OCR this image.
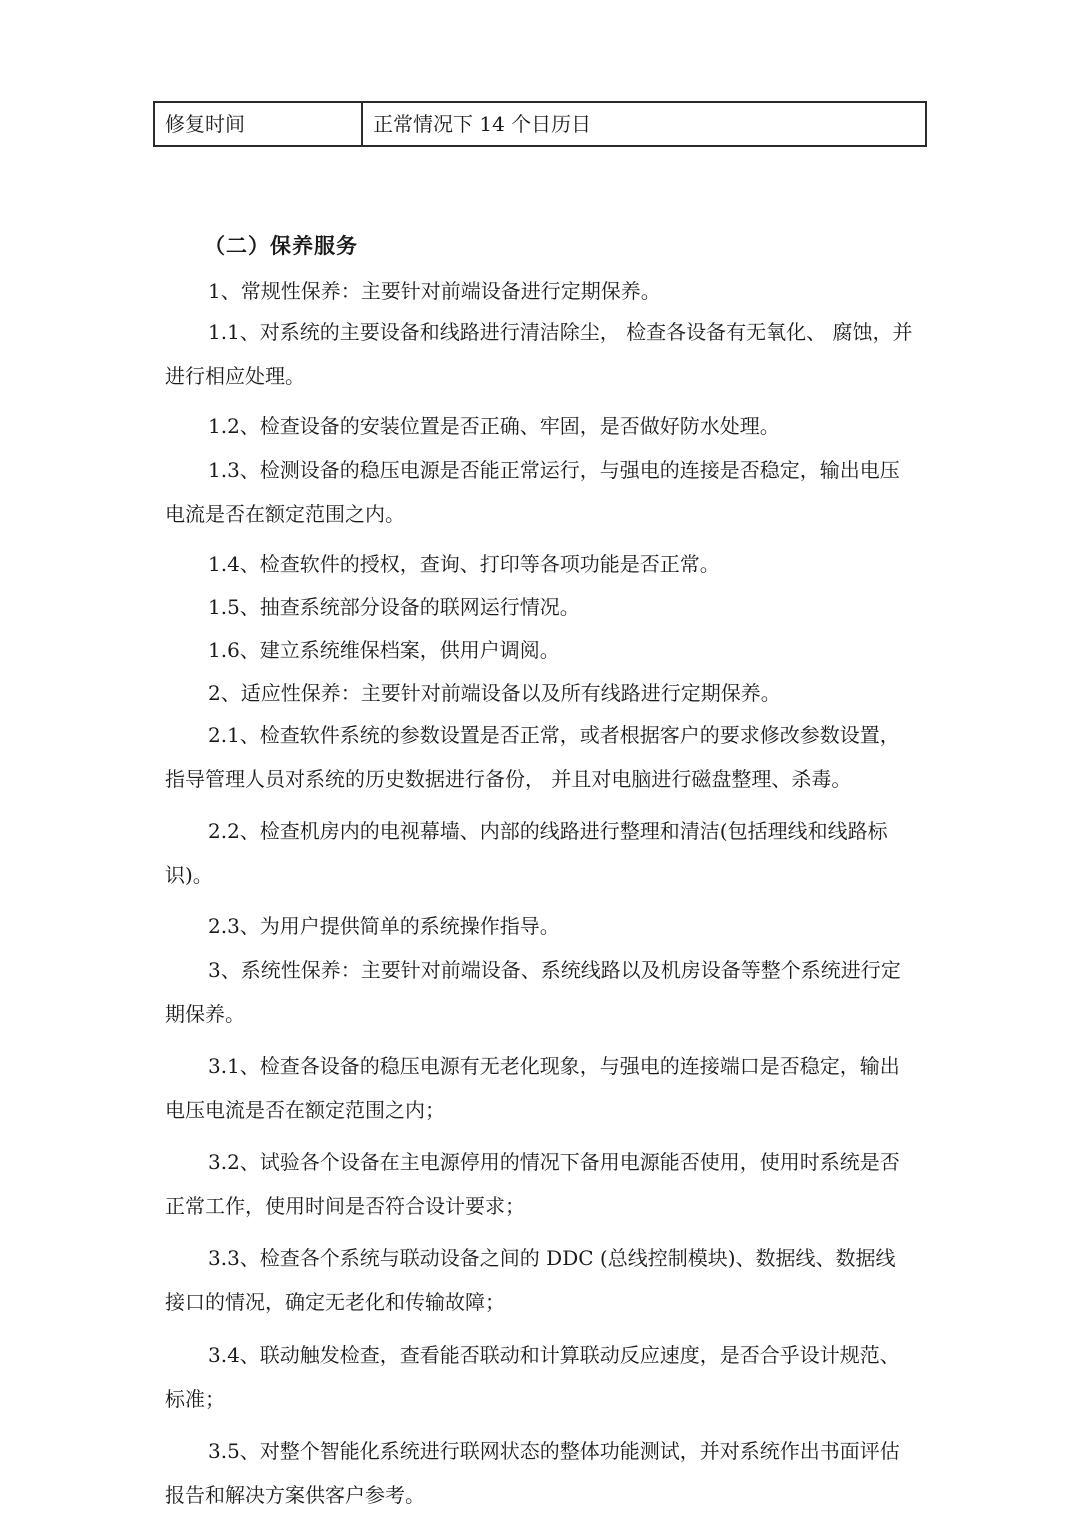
修复时间	正常情况下 14 个日历日
（二）保养服务
1、常规性保养：主要针对前端设备进行定期保养。
1.1、对系统的主要设备和线路进行清洁除尘， 检查各设备有无氧化、 腐蚀，并进行相应处理。
1.2、检查设备的安装位置是否正确、牢固，是否做好防水处理。
1.3、检测设备的稳压电源是否能正常运行，与强电的连接是否稳定，输出电压电流是否在额定范围之内。
1.4、检查软件的授权，查询、打印等各项功能是否正常。
1.5、抽查系统部分设备的联网运行情况。
1.6、建立系统维保档案，供用户调阅。
2、适应性保养：主要针对前端设备以及所有线路进行定期保养。
2.1、检查软件系统的参数设置是否正常，或者根据客户的要求修改参数设置，指导管理人员对系统的历史数据进行备份， 并且对电脑进行磁盘整理、杀毒。
2.2、检查机房内的电视幕墙、内部的线路进行整理和清洁(包括理线和线路标识)。
2.3、为用户提供简单的系统操作指导。
3、系统性保养：主要针对前端设备、系统线路以及机房设备等整个系统进行定期保养。
3.1、检查各设备的稳压电源有无老化现象，与强电的连接端口是否稳定，输出电压电流是否在额定范围之内；
3.2、试验各个设备在主电源停用的情况下备用电源能否使用，使用时系统是否正常工作，使用时间是否符合设计要求；
3.3、检查各个系统与联动设备之间的 DDC (总线控制模块)、数据线、数据线接口的情况，确定无老化和传输故障；
3.4、联动触发检查，查看能否联动和计算联动反应速度，是否合乎设计规范、标准；
3.5、对整个智能化系统进行联网状态的整体功能测试，并对系统作出书面评估报告和解决方案供客户参考。
